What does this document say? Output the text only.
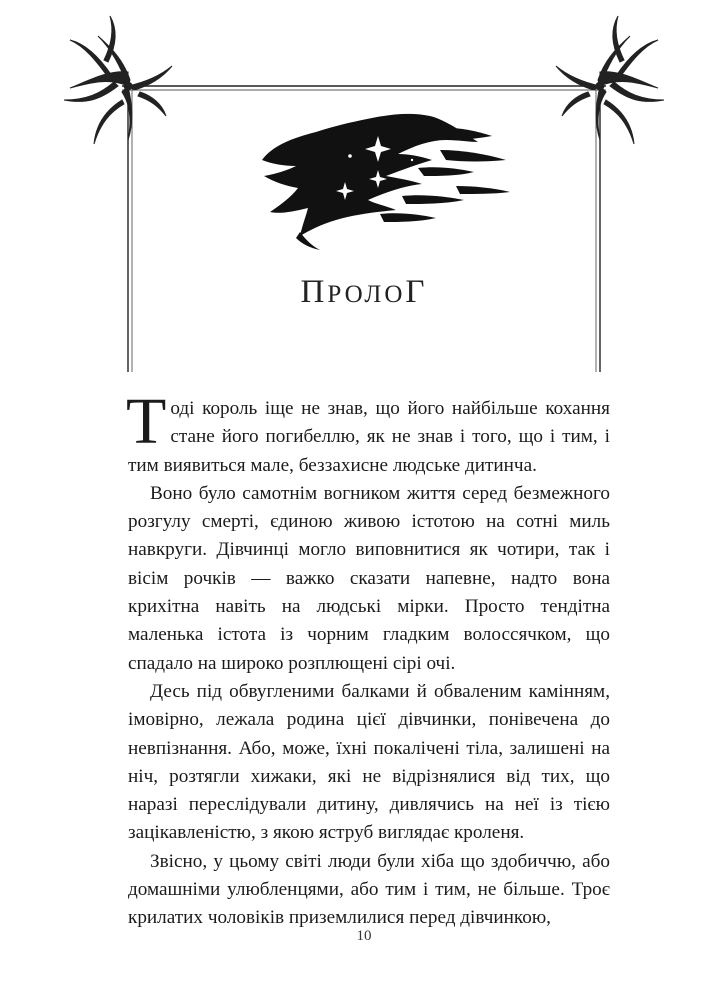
ПРОЛОГ

Тоді король іще не знав, що його найбільше кохання стане його погибеллю, як не знав і того, що і тим, і тим виявиться мале, беззахисне людське дитинча.

Воно було самотнім вогником життя серед безмежного розгулу смерті, єдиною живою істотою на сотні миль навкруги. Дівчинці могло виповнитися як чотири, так і вісім рочків — важко сказати напевне, надто вона крихітна навіть на людські мірки. Просто тендітна маленька істота із чорним гладким волоссячком, що спадало на широко розплющені сірі очі.

Десь під обвугленими балками й обваленим камінням, імовірно, лежала родина цієї дівчинки, понівечена до невпізнання. Або, може, їхні покалічені тіла, залишені на ніч, розтягли хижаки, які не відрізнялися від тих, що наразі переслідували дитину, дивлячись на неї із тією зацікавленістю, з якою яструб виглядає кроленя.

Звісно, у цьому світі люди були хіба що здобиччю, або домашніми улюбленцями, або тим і тим, не більше. Троє крилатих чоловіків приземлилися перед дівчинкою,

10
